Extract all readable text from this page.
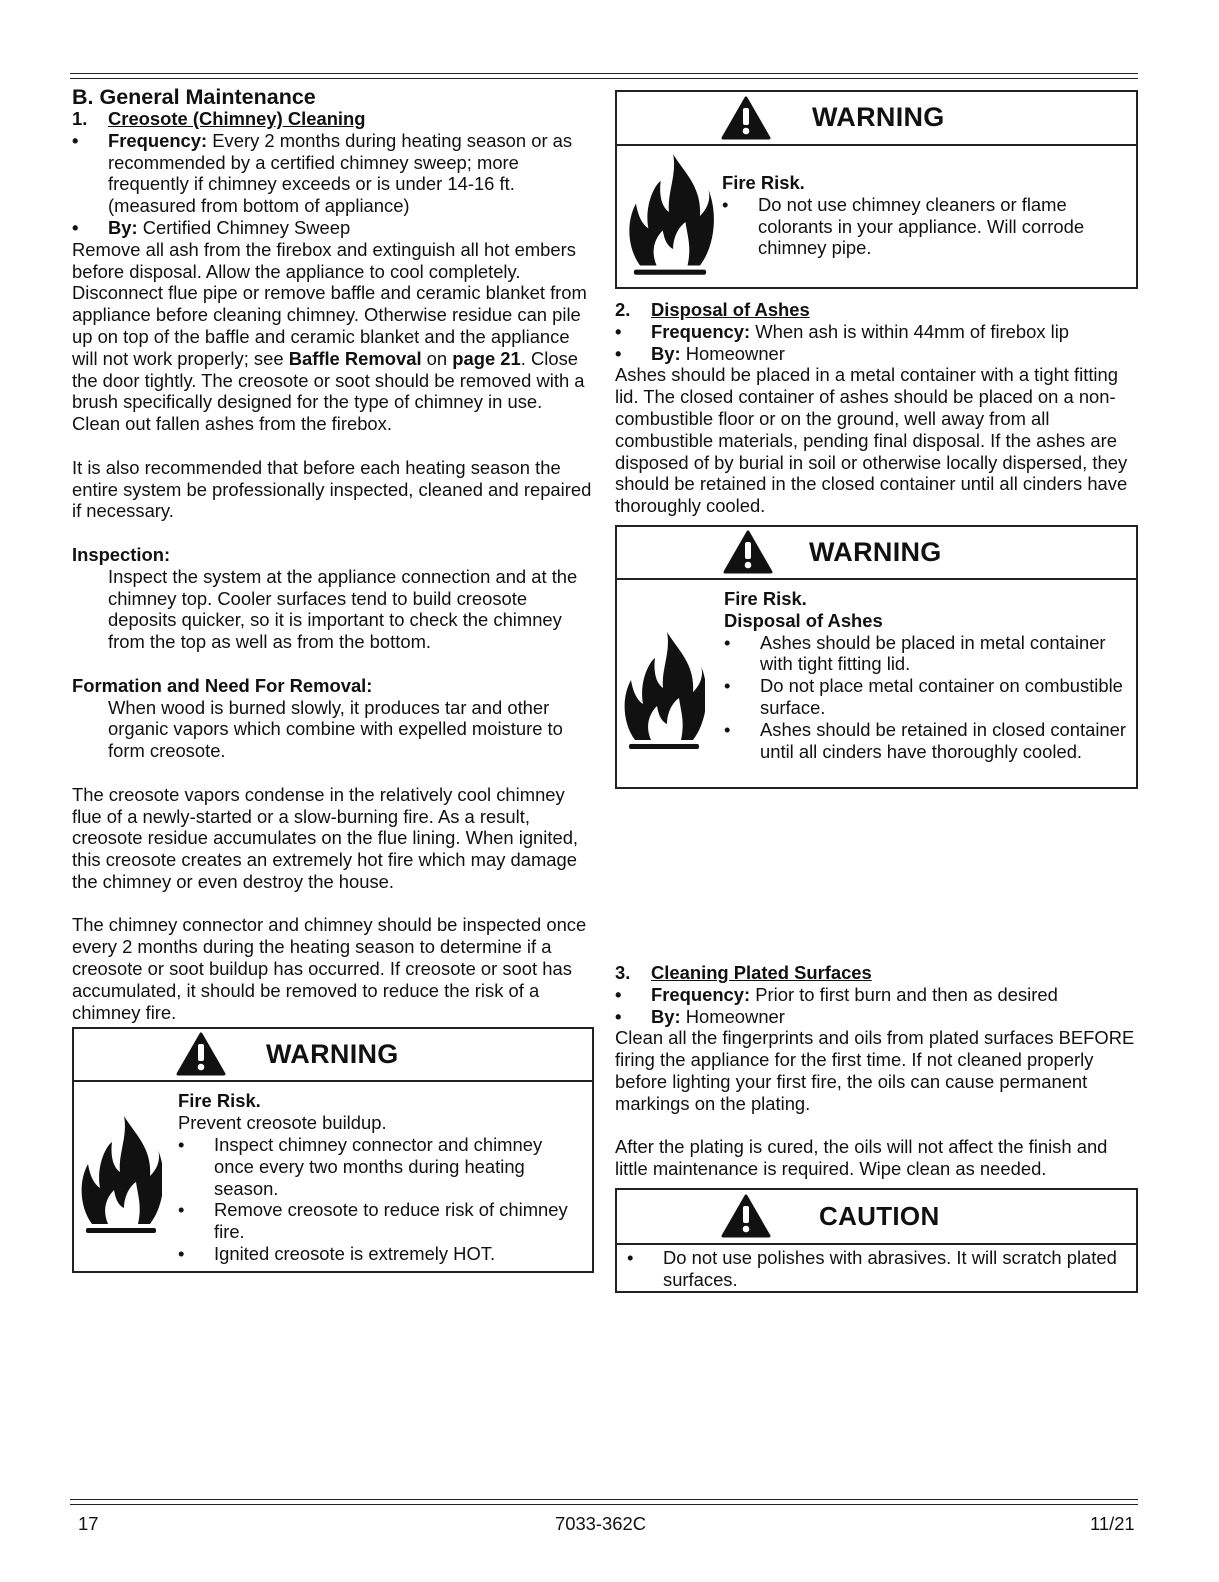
B. General Maintenance
1.	Creosote (Chimney) Cleaning
•	Frequency: Every 2 months during heating season or as recommended by a certified chimney sweep; more frequently if chimney exceeds or is under 14-16 ft. (measured from bottom of appliance)
•	By: Certified Chimney Sweep

Remove all ash from the firebox and extinguish all hot embers before disposal. Allow the appliance to cool completely. Disconnect flue pipe or remove baffle and ceramic blanket from appliance before cleaning chimney. Otherwise residue can pile up on top of the baffle and ceramic blanket and the appliance will not work properly; see Baffle Removal on page 21. Close the door tightly. The creosote or soot should be removed with a brush specifically designed for the type of chimney in use. Clean out fallen ashes from the firebox.

It is also recommended that before each heating season the entire system be professionally inspected, cleaned and repaired if necessary.

Inspection:

Inspect the system at the appliance connection and at the chimney top. Cooler surfaces tend to build creosote deposits quicker, so it is important to check the chimney from the top as well as from the bottom.

Formation and Need For Removal:

When wood is burned slowly, it produces tar and other organic vapors which combine with expelled moisture to form creosote.

The creosote vapors condense in the relatively cool chimney flue of a newly-started or a slow-burning fire. As a result, creosote residue accumulates on the flue lining. When ignited, this creosote creates an extremely hot fire which may damage the chimney or even destroy the house.

The chimney connector and chimney should be inspected once every 2 months during the heating season to determine if a creosote or soot buildup has occurred. If creosote or soot has accumulated, it should be removed to reduce the risk of a chimney fire.

WARNING

Fire Risk.

Prevent creosote buildup.

•	Inspect chimney connector and chimney once every two months during heating season.
•	Remove creosote to reduce risk of chimney fire.
•	Ignited creosote is extremely HOT.
WARNING

Fire Risk.

•	Do not use chimney cleaners or flame colorants in your appliance. Will corrode chimney pipe.
2.	Disposal of Ashes
•	Frequency: When ash is within 44mm of firebox lip
•	By: Homeowner

Ashes should be placed in a metal container with a tight fitting lid. The closed container of ashes should be placed on a non-combustible floor or on the ground, well away from all combustible materials, pending final disposal. If the ashes are disposed of by burial in soil or otherwise locally dispersed, they should be retained in the closed container until all cinders have thoroughly cooled.

WARNING

Fire Risk.

Disposal of Ashes

•	Ashes should be placed in metal container with tight fitting lid.
•	Do not place metal container on combustible surface.
•	Ashes should be retained in closed container until all cinders have thoroughly cooled.
3.	Cleaning Plated Surfaces
•	Frequency: Prior to first burn and then as desired
•	By: Homeowner

Clean all the fingerprints and oils from plated surfaces BEFORE firing the appliance for the first time. If not cleaned properly before lighting your first fire, the oils can cause permanent markings on the plating.

After the plating is cured, the oils will not affect the finish and little maintenance is required. Wipe clean as needed.

CAUTION
•	Do not use polishes with abrasives. It will scratch plated surfaces.
17	7033-362C	11/21
